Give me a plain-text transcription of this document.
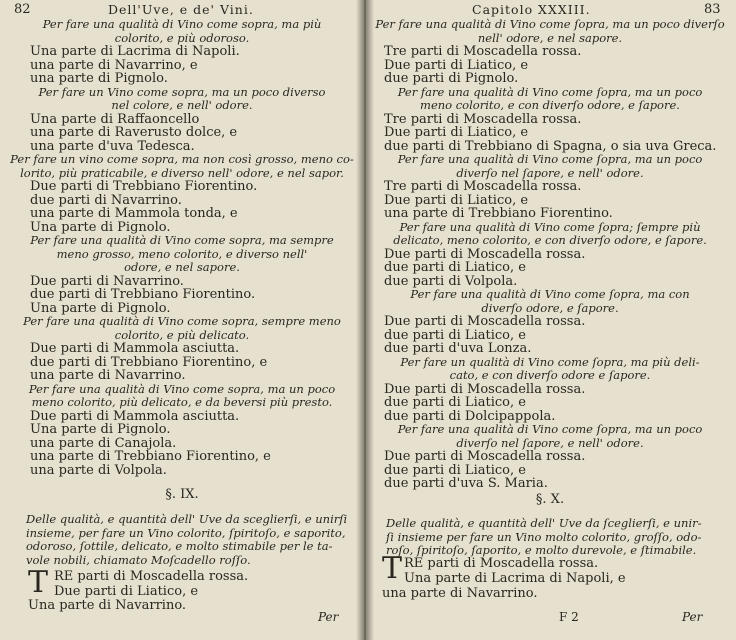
82	Dell'Uve, e de' Vini.
Per fare una qualità di Vino come sopra, ma più
colorito, e più odoroso.
Una parte di Lacrima di Napoli.
una parte di Navarrino, e
una parte di Pignolo.
Per fare un Vino come sopra, ma un poco diverso
nel colore, e nell' odore.
Una parte di Raffaoncello
una parte di Raverusto dolce, e
una parte d'uva Tedesca.
Per fare un vino come sopra, ma non così grosso, meno co-
lorito, più praticabile, e diverso nell' odore, e nel sapor.
Due parti di Trebbiano Fiorentino.
due parti di Navarrino.
una parte di Mammola tonda, e
Una parte di Pignolo.
Per fare una qualità di Vino come sopra, ma sempre
meno grosso, meno colorito, e diverso nell'
odore, e nel sapore.
Due parti di Navarrino.
due parti di Trebbiano Fiorentino.
Una parte di Pignolo.
Per fare una qualità di Vino come sopra, sempre meno
colorito, e più delicato.
Due parti di Mammola asciutta.
due parti di Trebbiano Fiorentino, e
una parte di Navarrino.
Per fare una qualità di Vino come sopra, ma un poco
meno colorito, più delicato, e da beversi più presto.
Due parti di Mammola asciutta.
Una parte di Pignolo.
una parte di Canajola.
una parte di Trebbiano Fiorentino, e
una parte di Volpola.
§. IX.
Delle qualità, e quantità dell' Uve da sceglierſi, e unirſi
insieme, per fare un Vino colorito, ſpiritoſo, e saporito,
odoroso, ſottile, delicato, e molto stimabile per le ta-
vole nobili, chiamato Moſcadello roſſo.
T RE parti di Moscadella rossa.
Due parti di Liatico, e
Una parte di Navarrino.
Per
Capitolo XXXIII.	83
Per fare una qualità di Vino come ſopra, ma un poco diverſo
nell' odore, e nel sapore.
Tre parti di Moscadella rossa.
Due parti di Liatico, e
due parti di Pignolo.
Per fare una qualità di Vino come ſopra, ma un poco
meno colorito, e con diverſo odore, e ſapore.
Tre parti di Moscadella rossa.
Due parti di Liatico, e
due parti di Trebbiano di Spagna, o sia uva Greca.
Per fare una qualità di Vino come ſopra, ma un poco
diverſo nel ſapore, e nell' odore.
Tre parti di Moscadella rossa.
Due parti di Liatico, e
una parte di Trebbiano Fiorentino.
Per fare una qualità di Vino come ſopra; ſempre più
delicato, meno colorito, e con diverſo odore, e ſapore.
Due parti di Moscadella rossa.
due parti di Liatico, e
due parti di Volpola.
Per fare una qualità di Vino come ſopra, ma con
diverſo odore, e ſapore.
Due parti di Moscadella rossa.
due parti di Liatico, e
due parti d'uva Lonza.
Per fare un qualità di Vino come ſopra, ma più deli-
cato, e con diverſo odore e ſapore.
Due parti di Moscadella rossa.
due parti di Liatico, e
due parti di Dolcipappola.
Per fare una qualità di Vino come ſopra, ma un poco
diverſo nel ſapore, e nell' odore.
Due parti di Moscadella rossa.
due parti di Liatico, e
due parti d'uva S. Maria.
§. X.
Delle qualità, e quantità dell' Uve da ſceglierſi, e unir-
ſi insieme per fare un Vino molto colorito, groſſo, odo-
roſo, ſpiritoſo, ſaporito, e molto durevole, e ſtimabile.
T RE parti di Moscadella rossa.
Una parte di Lacrima di Napoli, e
una parte di Navarrino.
F 2	Per
